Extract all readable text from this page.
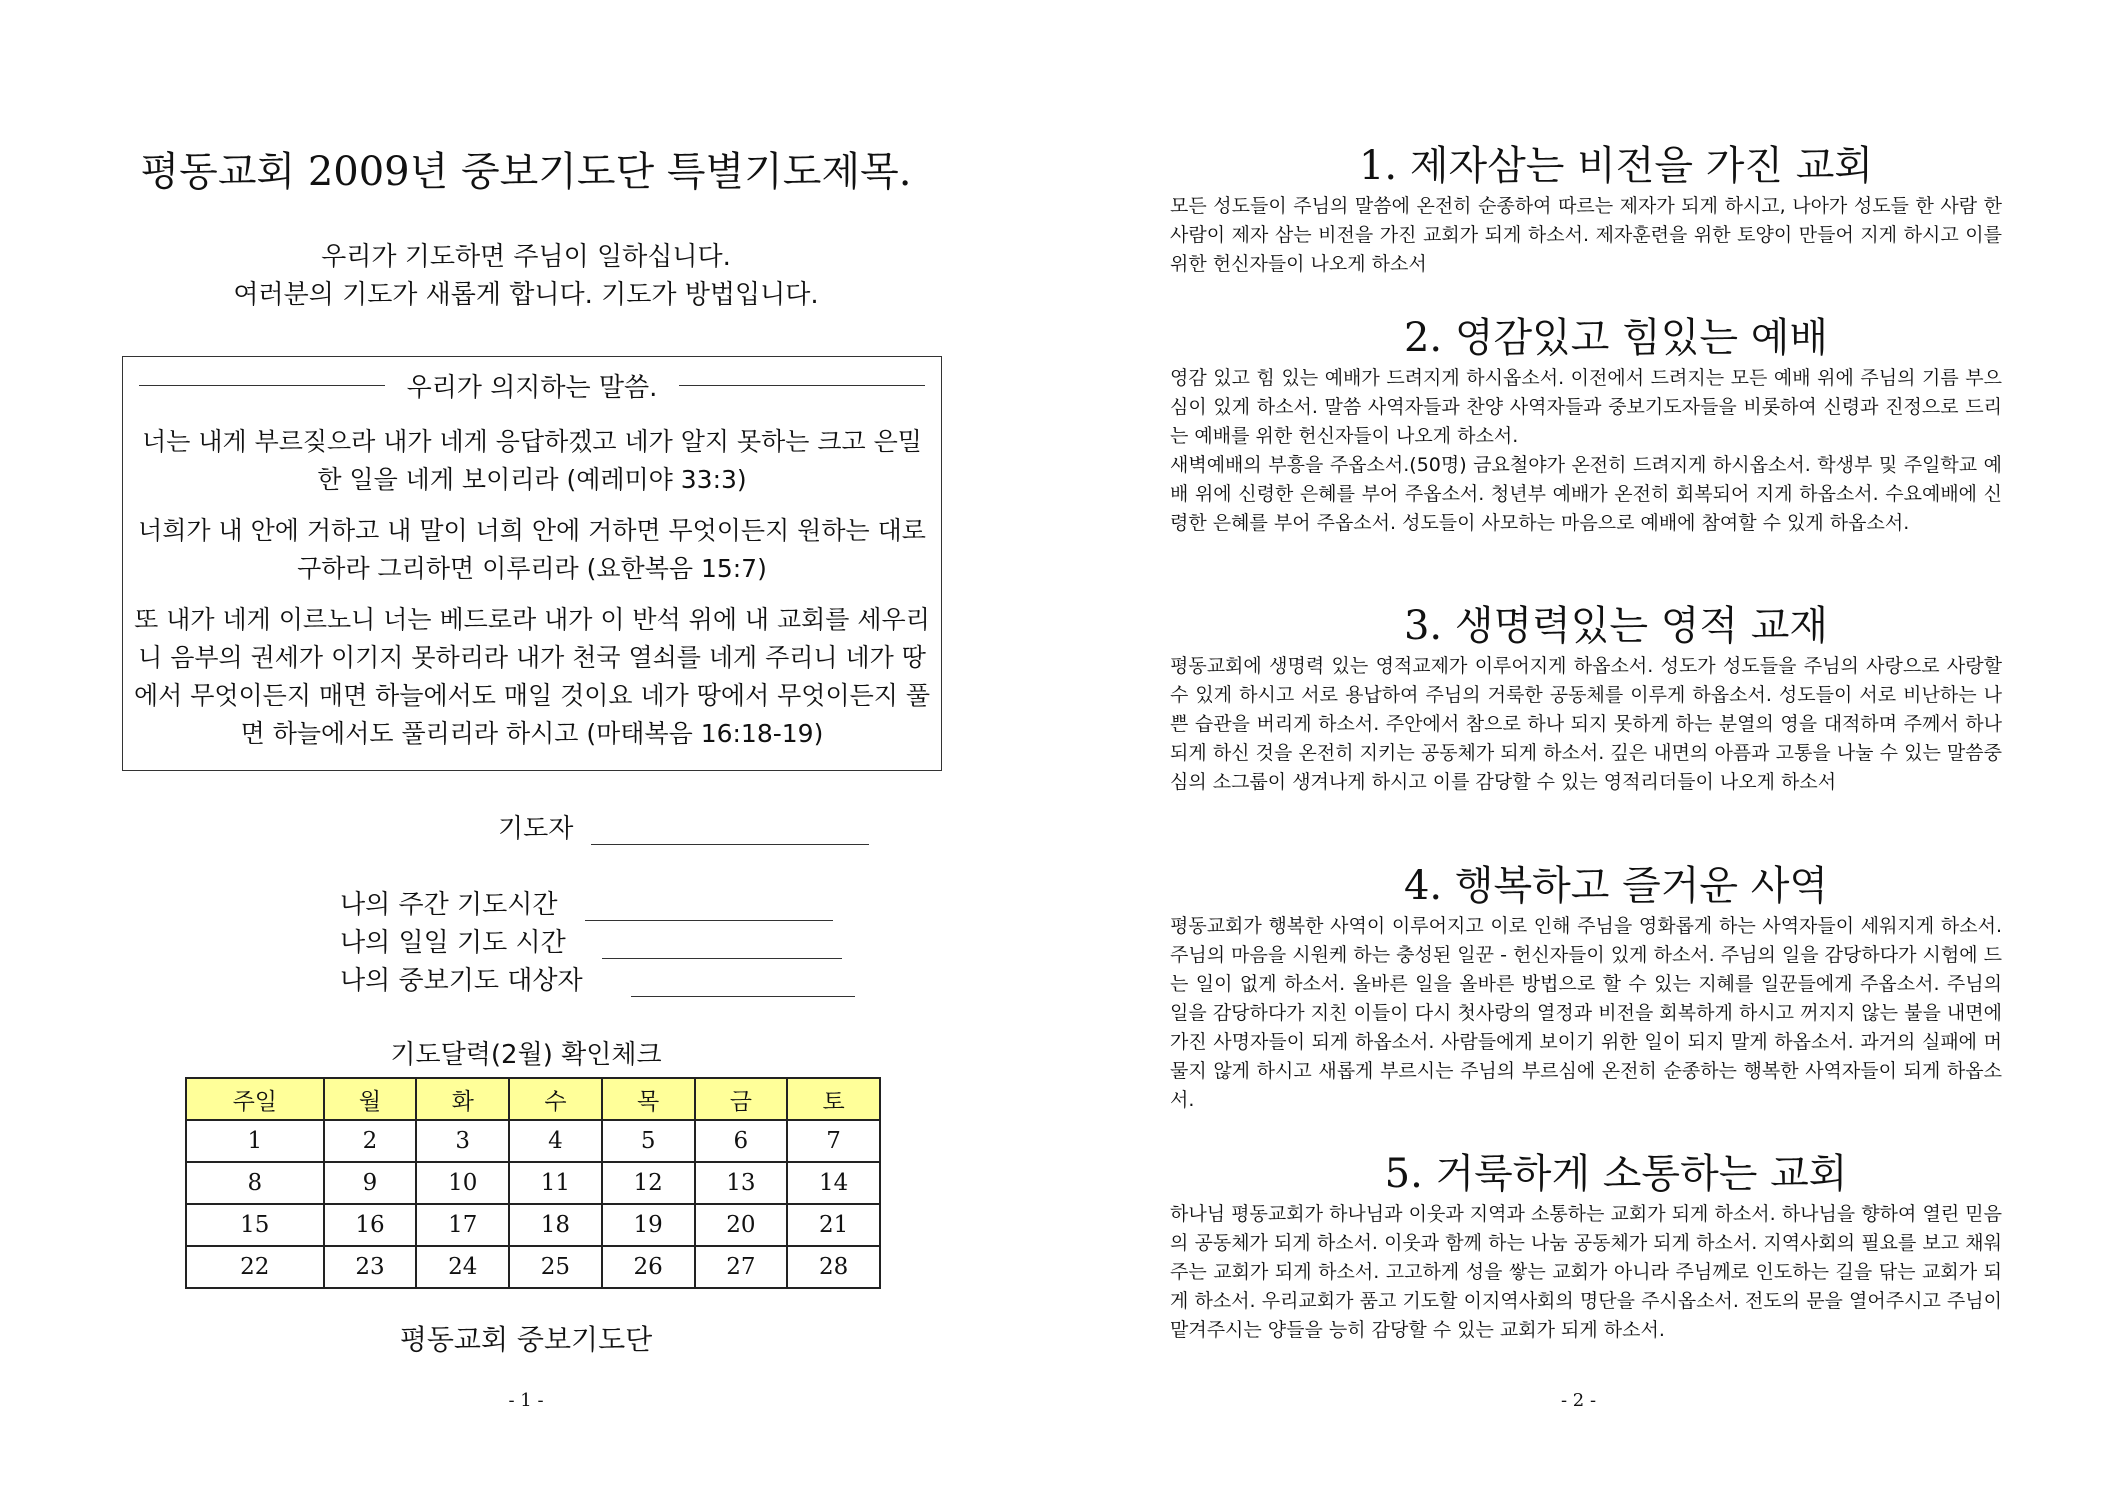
평동교회 2009년 중보기도단 특별기도제목.
우리가 기도하면 주님이 일하십니다.
여러분의 기도가 새롭게 합니다. 기도가 방법입니다.
우리가 의지하는 말씀.

너는 내게 부르짖으라 내가 네게 응답하겠고 네가 알지 못하는 크고 은밀한 일을 네게 보이리라 (예레미야 33:3)

너희가 내 안에 거하고 내 말이 너희 안에 거하면 무엇이든지 원하는 대로 구하라 그리하면 이루리라 (요한복음 15:7)

또 내가 네게 이르노니 너는 베드로라 내가 이 반석 위에 내 교회를 세우리니 음부의 권세가 이기지 못하리라 내가 천국 열쇠를 네게 주리니 네가 땅에서 무엇이든지 매면 하늘에서도 매일 것이요 네가 땅에서 무엇이든지 풀면 하늘에서도 풀리리라 하시고 (마태복음 16:18-19)

기도자
나의 주간 기도시간
나의 일일 기도 시간
나의 중보기도 대상자
기도달력(2월) 확인체크
주일	월	화	수	목	금	토
1	2	3	4	5	6	7
8	9	10	11	12	13	14
15	16	17	18	19	20	21
22	23	24	25	26	27	28
평동교회 중보기도단
- 1 -
1. 제자삼는 비전을 가진 교회

모든 성도들이 주님의 말씀에 온전히 순종하여 따르는 제자가 되게 하시고, 나아가 성도들 한 사람 한사람이 제자 삼는 비전을 가진 교회가 되게 하소서. 제자훈련을 위한 토양이 만들어 지게 하시고 이를 위한 헌신자들이 나오게 하소서

2. 영감있고 힘있는 예배

영감 있고 힘 있는 예배가 드려지게 하시옵소서. 이전에서 드려지는 모든 예배 위에 주님의 기름 부으심이 있게 하소서. 말씀 사역자들과 찬양 사역자들과 중보기도자들을 비롯하여 신령과 진정으로 드리는 예배를 위한 헌신자들이 나오게 하소서.

새벽예배의 부흥을 주옵소서.(50명) 금요철야가 온전히 드려지게 하시옵소서. 학생부 및 주일학교 예배 위에 신령한 은혜를 부어 주옵소서. 청년부 예배가 온전히 회복되어 지게 하옵소서. 수요예배에 신령한 은혜를 부어 주옵소서. 성도들이 사모하는 마음으로 예배에 참여할 수 있게 하옵소서.

3. 생명력있는 영적 교재

평동교회에 생명력 있는 영적교제가 이루어지게 하옵소서. 성도가 성도들을 주님의 사랑으로 사랑할 수 있게 하시고 서로 용납하여 주님의 거룩한 공동체를 이루게 하옵소서. 성도들이 서로 비난하는 나쁜 습관을 버리게 하소서. 주안에서 참으로 하나 되지 못하게 하는 분열의 영을 대적하며 주께서 하나 되게 하신 것을 온전히 지키는 공동체가 되게 하소서. 깊은 내면의 아픔과 고통을 나눌 수 있는 말씀중심의 소그룹이 생겨나게 하시고 이를 감당할 수 있는 영적리더들이 나오게 하소서

4. 행복하고 즐거운 사역

평동교회가 행복한 사역이 이루어지고 이로 인해 주님을 영화롭게 하는 사역자들이 세워지게 하소서. 주님의 마음을 시원케 하는 충성된 일꾼 - 헌신자들이 있게 하소서. 주님의 일을 감당하다가 시험에 드는 일이 없게 하소서. 올바른 일을 올바른 방법으로 할 수 있는 지혜를 일꾼들에게 주옵소서. 주님의 일을 감당하다가 지친 이들이 다시 첫사랑의 열정과 비전을 회복하게 하시고 꺼지지 않는 불을 내면에 가진 사명자들이 되게 하옵소서. 사람들에게 보이기 위한 일이 되지 말게 하옵소서. 과거의 실패에 머물지 않게 하시고 새롭게 부르시는 주님의 부르심에 온전히 순종하는 행복한 사역자들이 되게 하옵소서.

5. 거룩하게 소통하는 교회

하나님 평동교회가 하나님과 이웃과 지역과 소통하는 교회가 되게 하소서. 하나님을 향하여 열린 믿음의 공동체가 되게 하소서. 이웃과 함께 하는 나눔 공동체가 되게 하소서. 지역사회의 필요를 보고 채워주는 교회가 되게 하소서. 고고하게 성을 쌓는 교회가 아니라 주님께로 인도하는 길을 닦는 교회가 되게 하소서. 우리교회가 품고 기도할 이지역사회의 명단을 주시옵소서. 전도의 문을 열어주시고 주님이 맡겨주시는 양들을 능히 감당할 수 있는 교회가 되게 하소서.

- 2 -
